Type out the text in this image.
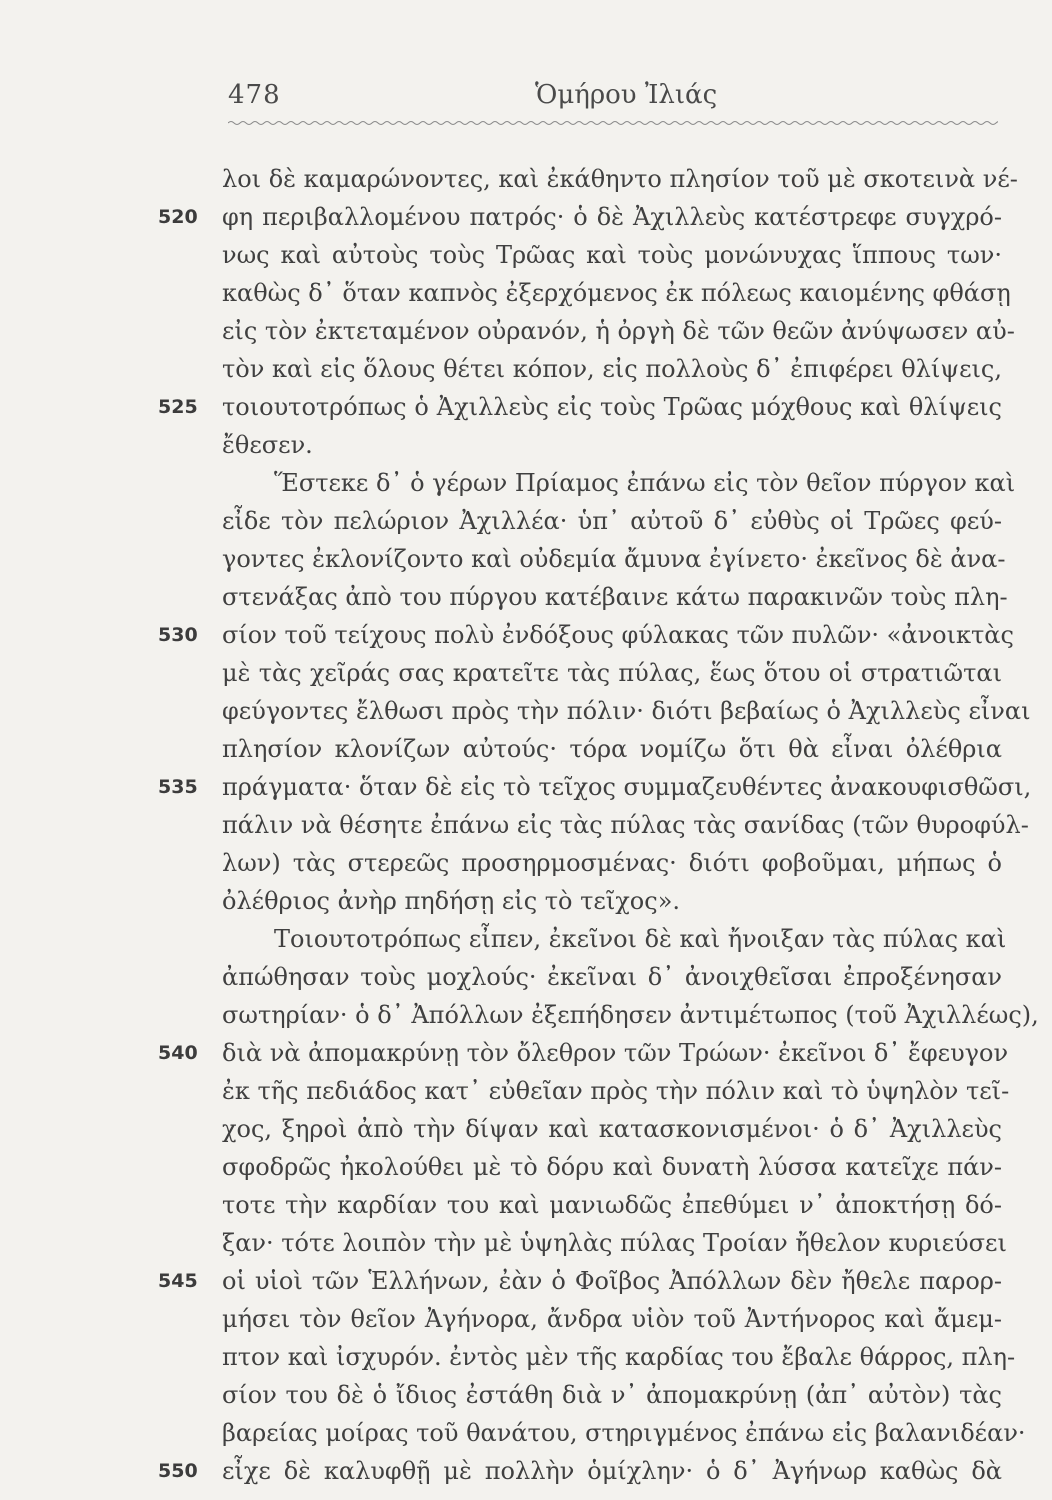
478	Ὁμήρου Ἰλιάς
λοι δὲ καμαρώνοντες, καὶ ἐκάθηντο πλησίον τοῦ μὲ σκοτεινὰ νέ-
φη περιβαλλομένου πατρός· ὁ δὲ Ἀχιλλεὺς κατέστρεφε συγχρό-
νως καὶ αὐτοὺς τοὺς Τρῶας καὶ τοὺς μονώνυχας ἵππους των·
καθὼς δ᾽ ὅταν καπνὸς ἐξερχόμενος ἐκ πόλεως καιομένης φθάσῃ
εἰς τὸν ἐκτεταμένον οὐρανόν, ἡ ὀργὴ δὲ τῶν θεῶν ἀνύψωσεν αὐ-
τὸν καὶ εἰς ὅλους θέτει κόπον, εἰς πολλοὺς δ᾽ ἐπιφέρει θλίψεις,
τοιουτοτρόπως ὁ Ἀχιλλεὺς εἰς τοὺς Τρῶας μόχθους καὶ θλίψεις
ἔθεσεν.
Ἕστεκε δ᾽ ὁ γέρων Πρίαμος ἐπάνω εἰς τὸν θεῖον πύργον καὶ
εἶδε τὸν πελώριον Ἀχιλλέα· ὑπ᾽ αὐτοῦ δ᾽ εὐθὺς οἱ Τρῶες φεύ-
γοντες ἐκλονίζοντο καὶ οὐδεμία ἄμυνα ἐγίνετο· ἐκεῖνος δὲ ἀνα-
στενάξας ἀπὸ του πύργου κατέβαινε κάτω παρακινῶν τοὺς πλη-
σίον τοῦ τείχους πολὺ ἐνδόξους φύλακας τῶν πυλῶν· «ἀνοικτὰς
μὲ τὰς χεῖράς σας κρατεῖτε τὰς πύλας, ἕως ὅτου οἱ στρατιῶται
φεύγοντες ἔλθωσι πρὸς τὴν πόλιν· διότι βεβαίως ὁ Ἀχιλλεὺς εἶναι
πλησίον κλονίζων αὐτούς· τόρα νομίζω ὅτι θὰ εἶναι ὀλέθρια
πράγματα· ὅταν δὲ εἰς τὸ τεῖχος συμμαζευθέντες ἀνακουφισθῶσι,
πάλιν νὰ θέσητε ἐπάνω εἰς τὰς πύλας τὰς σανίδας (τῶν θυροφύλ-
λων) τὰς στερεῶς προσηρμοσμένας· διότι φοβοῦμαι, μήπως ὁ
ὀλέθριος ἀνὴρ πηδήσῃ εἰς τὸ τεῖχος».
Τοιουτοτρόπως εἶπεν, ἐκεῖνοι δὲ καὶ ἤνοιξαν τὰς πύλας καὶ
ἀπώθησαν τοὺς μοχλούς· ἐκεῖναι δ᾽ ἀνοιχθεῖσαι ἐπροξένησαν
σωτηρίαν· ὁ δ᾽ Ἀπόλλων ἐξεπήδησεν ἀντιμέτωπος (τοῦ Ἀχιλλέως),
διὰ νὰ ἀπομακρύνῃ τὸν ὄλεθρον τῶν Τρώων· ἐκεῖνοι δ᾽ ἔφευγον
ἐκ τῆς πεδιάδος κατ᾽ εὐθεῖαν πρὸς τὴν πόλιν καὶ τὸ ὑψηλὸν τεῖ-
χος, ξηροὶ ἀπὸ τὴν δίψαν καὶ κατασκονισμένοι· ὁ δ᾽ Ἀχιλλεὺς
σφοδρῶς ἠκολούθει μὲ τὸ δόρυ καὶ δυνατὴ λύσσα κατεῖχε πάν-
τοτε τὴν καρδίαν του καὶ μανιωδῶς ἐπεθύμει ν᾽ ἀποκτήσῃ δό-
ξαν· τότε λοιπὸν τὴν μὲ ὑψηλὰς πύλας Τροίαν ἤθελον κυριεύσει
οἱ υἱοὶ τῶν Ἑλλήνων, ἐὰν ὁ Φοῖβος Ἀπόλλων δὲν ἤθελε παρορ-
μήσει τὸν θεῖον Ἀγήνορα, ἄνδρα υἱὸν τοῦ Ἀντήνορος καὶ ἄμεμ-
πτον καὶ ἰσχυρόν. ἐντὸς μὲν τῆς καρδίας του ἔβαλε θάρρος, πλη-
σίον του δὲ ὁ ἴδιος ἐστάθη διὰ ν᾽ ἀπομακρύνῃ (ἀπ᾽ αὐτὸν) τὰς
βαρείας μοίρας τοῦ θανάτου, στηριγμένος ἐπάνω εἰς βαλανιδέαν·
εἶχε δὲ καλυφθῇ μὲ πολλὴν ὁμίχλην· ὁ δ᾽ Ἀγήνωρ καθὼς δὰ
520
525
530
535
540
545
550
